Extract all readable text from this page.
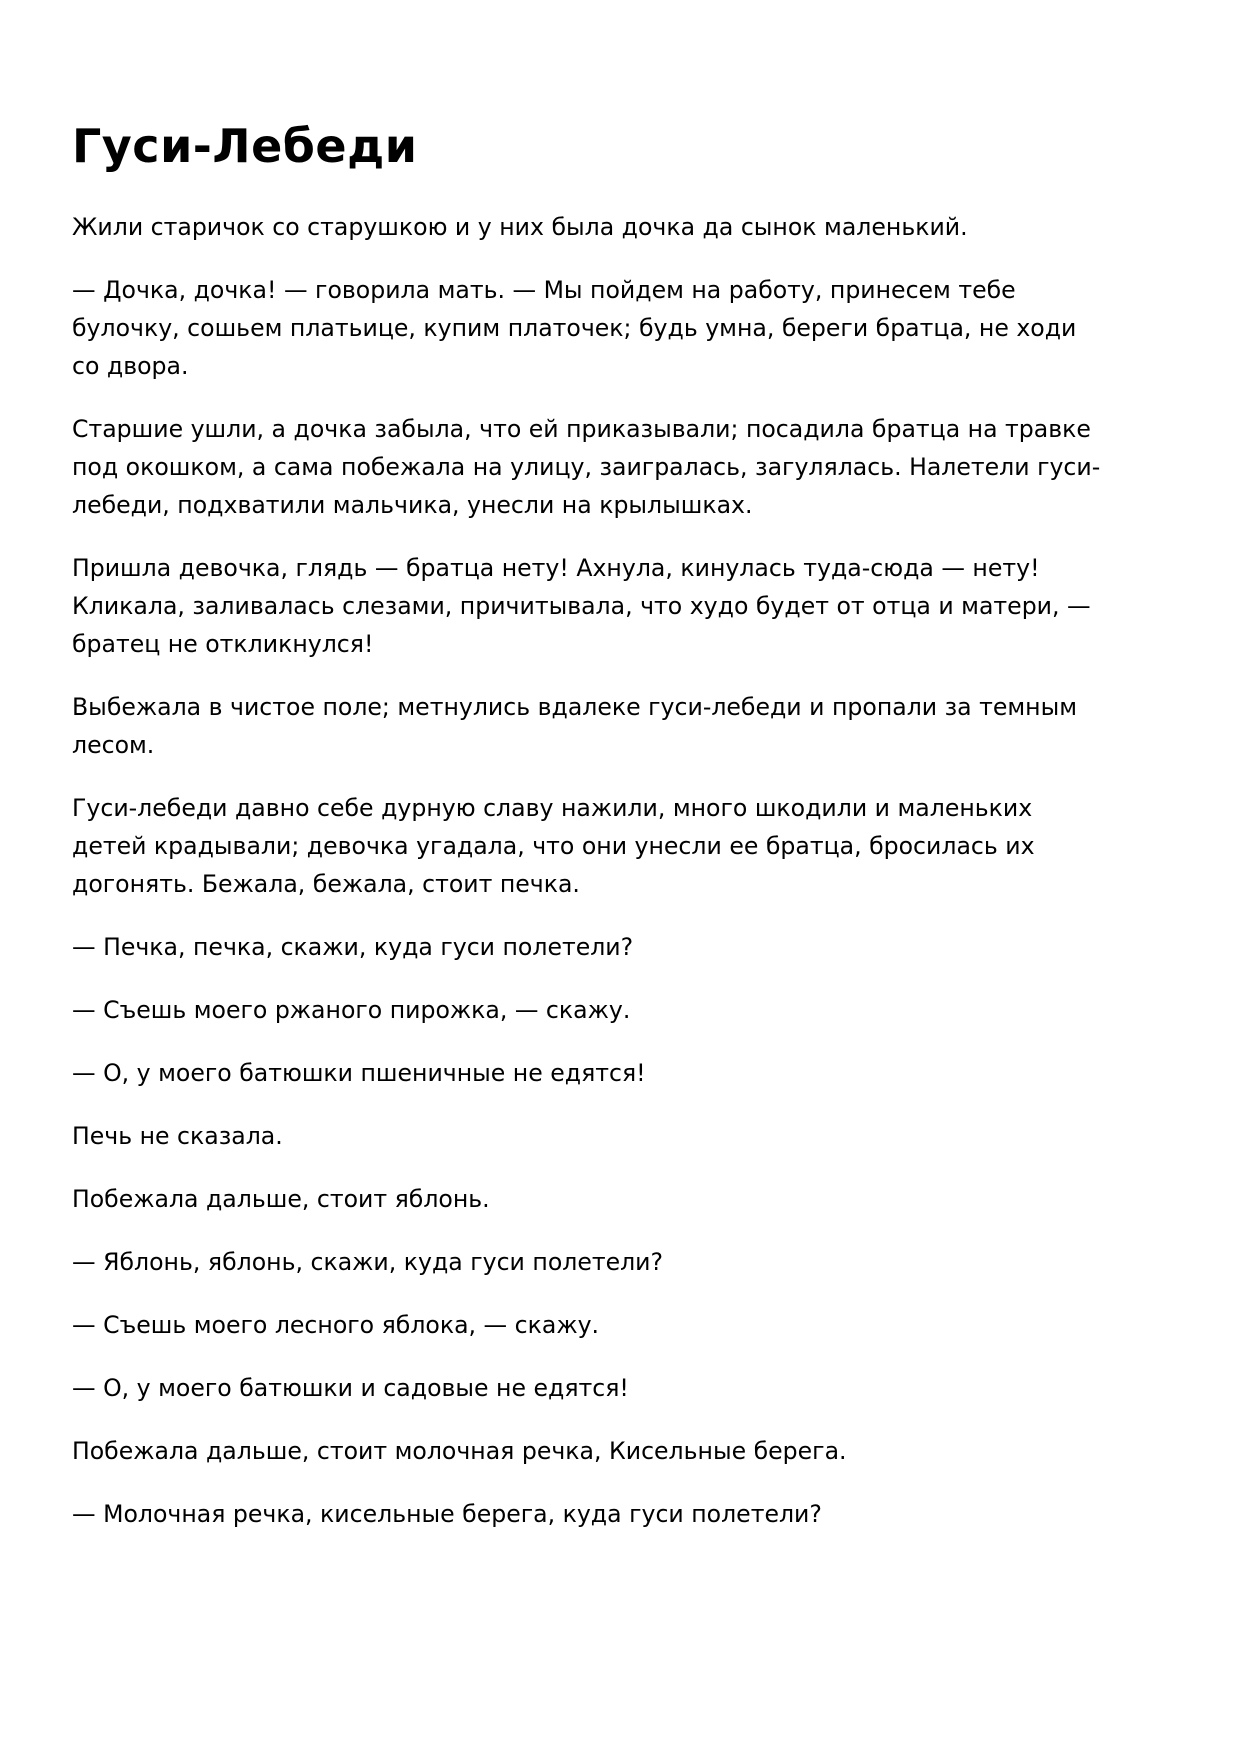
Гуси-Лебеди

Жили старичок со старушкою и у них была дочка да сынок маленький.

— Дочка, дочка! — говорила мать. — Мы пойдем на работу, принесем тебе
булочку, сошьем платьице, купим платочек; будь умна, береги братца, не ходи
со двора.

Старшие ушли, а дочка забыла, что ей приказывали; посадила братца на травке
под окошком, а сама побежала на улицу, заигралась, загулялась. Налетели гуси-
лебеди, подхватили мальчика, унесли на крылышках.

Пришла девочка, глядь — братца нету! Ахнула, кинулась туда-сюда — нету!
Кликала, заливалась слезами, причитывала, что худо будет от отца и матери, —
братец не откликнулся!

Выбежала в чистое поле; метнулись вдалеке гуси-лебеди и пропали за темным
лесом.

Гуси-лебеди давно себе дурную славу нажили, много шкодили и маленьких
детей крадывали; девочка угадала, что они унесли ее братца, бросилась их
догонять. Бежала, бежала, стоит печка.

— Печка, печка, скажи, куда гуси полетели?

— Съешь моего ржаного пирожка, — скажу.

— О, у моего батюшки пшеничные не едятся!

Печь не сказала.

Побежала дальше, стоит яблонь.

— Яблонь, яблонь, скажи, куда гуси полетели?

— Съешь моего лесного яблока, — скажу.

— О, у моего батюшки и садовые не едятся!

Побежала дальше, стоит молочная речка, Кисельные берега.

— Молочная речка, кисельные берега, куда гуси полетели?
